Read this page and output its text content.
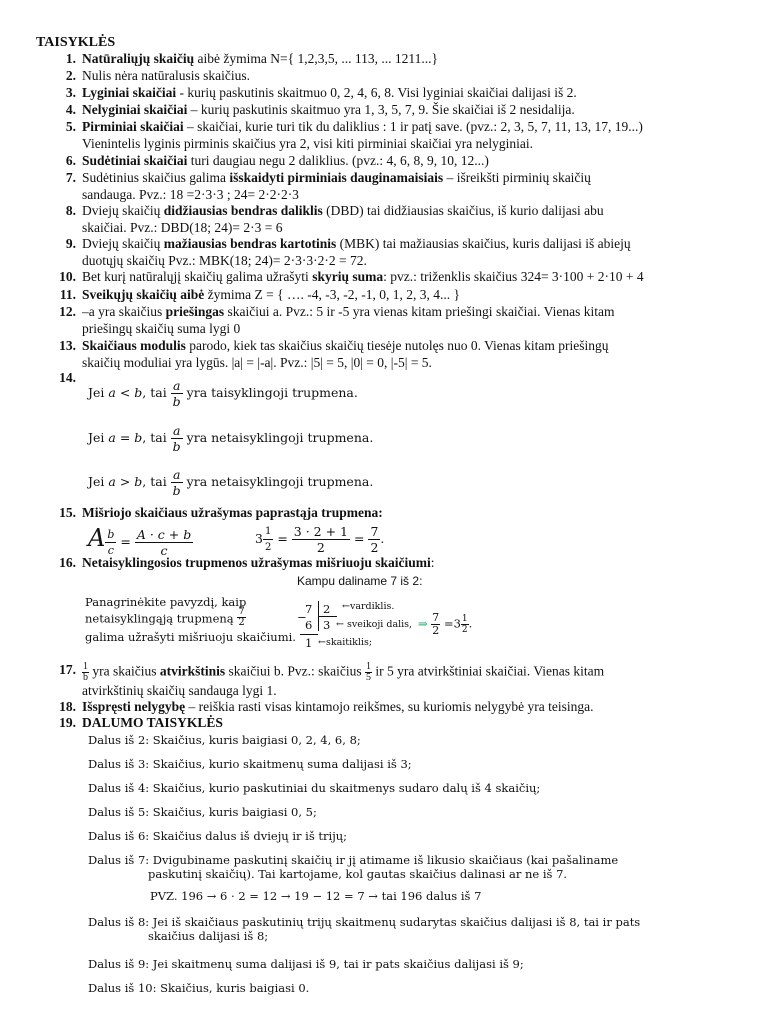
TAISYKLĖS
1. Natūraliųjų skaičių aibė žymima N={ 1,2,3,5, ... 113, ... 1211...}
2. Nulis nėra natūralusis skaičius.
3. Lyginiai skaičiai - kurių paskutinis skaitmuo 0, 2, 4, 6, 8. Visi lyginiai skaičiai dalijasi iš 2.
4. Nelyginiai skaičiai – kurių paskutinis skaitmuo yra 1, 3, 5, 7, 9. Šie skaičiai iš 2 nesidalija.
5. Pirminiai skaičiai – skaičiai, kurie turi tik du daliklius : 1 ir patį save. (pvz.: 2, 3, 5, 7, 11, 13, 17, 19...)
Vienintelis lyginis pirminis skaičius yra 2, visi kiti pirminiai skaičiai yra nelyginiai.
6. Sudėtiniai skaičiai turi daugiau negu 2 daliklius. (pvz.: 4, 6, 8, 9, 10, 12...)
7. Sudėtinius skaičius galima išskaidyti pirminiais dauginamaisiais – išreikšti pirminių skaičių
sandauga. Pvz.: 18 =2·3·3 ; 24= 2·2·2·3
8. Dviejų skaičių didžiausias bendras daliklis (DBD) tai didžiausias skaičius, iš kurio dalijasi abu
skaičiai. Pvz.: DBD(18; 24)= 2·3 = 6
9. Dviejų skaičių mažiausias bendras kartotinis (MBK) tai mažiausias skaičius, kuris dalijasi iš abiejų
duotųjų skaičių Pvz.: MBK(18; 24)= 2·3·3·2·2 = 72.
10. Bet kurį natūralųjį skaičių galima užrašyti skyrių suma: pvz.: triženklis skaičius 324= 3·100 + 2·10 + 4
11. Sveikųjų skaičių aibė žymima Z = { …. -4, -3, -2, -1, 0, 1, 2, 3, 4... }
12. –a yra skaičius priešingas skaičiui a. Pvz.: 5 ir -5 yra vienas kitam priešingi skaičiai. Vienas kitam
priešingų skaičių suma lygi 0
13. Skaičiaus modulis parodo, kiek tas skaičius skaičių tiesėje nutolęs nuo 0. Vienas kitam priešingų
skaičių moduliai yra lygūs. |a| = |-a|. Pvz.: |5| = 5, |0| = 0, |-5| = 5.
14.
Jei a < b, tai $\frac{a}{b}$ yra taisyklingoji trupmena.
Jei a = b, tai $\frac{a}{b}$ yra netaisyklingoji trupmena.
Jei a > b, tai $\frac{a}{b}$ yra netaisyklingoji trupmena.
15. Mišriojo skaičiaus užrašymas paprastąja trupmena:
A $\frac{b}{c} = \frac{A \cdot c + b}{c}$	$3 \frac{1}{2} = \frac{3 \cdot 2 + 1}{2} = \frac{7}{2}$ .
16. Netaisyklingosios trupmenos užrašymas mišriuoju skaičiumi:
Kampu daliname 7 iš 2:
Panagrinėkite pavyzdį, kaip
netaisyklingąją trupmeną $\frac{7}{2}$
galima užrašyti mišriuoju skaičiumi.
7 2 ←vardiklis.
−
6 3 ← sveikoji dalis,
1 ←skaitiklis;
⇒ $\frac{7}{2} =3 \frac{1}{2}$ .
17. $\frac{1}{b}$ yra skaičius atvirkštinis skaičiui b. Pvz.: skaičius $\frac{1}{5}$ ir 5 yra atvirkštiniai skaičiai. Vienas kitam
atvirkštinių skaičių sandauga lygi 1.
18. Išspręsti nelygybę – reiškia rasti visas kintamojo reikšmes, su kuriomis nelygybė yra teisinga.
19. DALUMO TAISYKLĖS
Dalus iš 2: Skaičius, kuris baigiasi 0, 2, 4, 6, 8;
Dalus iš 3: Skaičius, kurio skaitmenų suma dalijasi iš 3;
Dalus iš 4: Skaičius, kurio paskutiniai du skaitmenys sudaro dalų iš 4 skaičių;
Dalus iš 5: Skaičius, kuris baigiasi 0, 5;
Dalus iš 6: Skaičius dalus iš dviejų ir iš trijų;
Dalus iš 7: Dvigubiname paskutinį skaičių ir jį atimame iš likusio skaičiaus (kai pašaliname
paskutinį skaičių). Tai kartojame, kol gautas skaičius dalinasi ar ne iš 7.
PVZ. 196 → 6 · 2 = 12 → 19 − 12 = 7 → tai 196 dalus iš 7
Dalus iš 8: Jei iš skaičiaus paskutinių trijų skaitmenų sudarytas skaičius dalijasi iš 8, tai ir pats
skaičius dalijasi iš 8;
Dalus iš 9: Jei skaitmenų suma dalijasi iš 9, tai ir pats skaičius dalijasi iš 9;
Dalus iš 10: Skaičius, kuris baigiasi 0.
